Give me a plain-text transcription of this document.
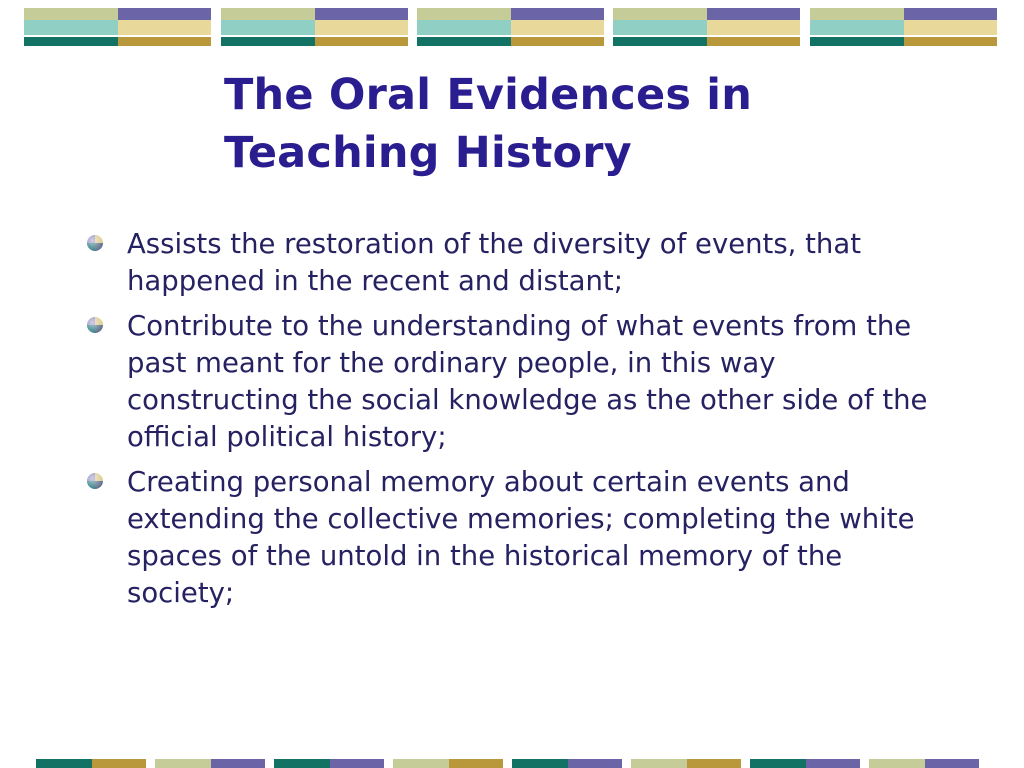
The Oral Evidences in Teaching History
Assists the restoration of the diversity of events, that happened in the recent and distant;
Contribute to the understanding of what events from the past meant for the ordinary people, in this way constructing the social knowledge as the other side of the official political history;
Creating personal memory about certain events and extending the collective memories; completing the white spaces of the untold in the historical memory of the society;
